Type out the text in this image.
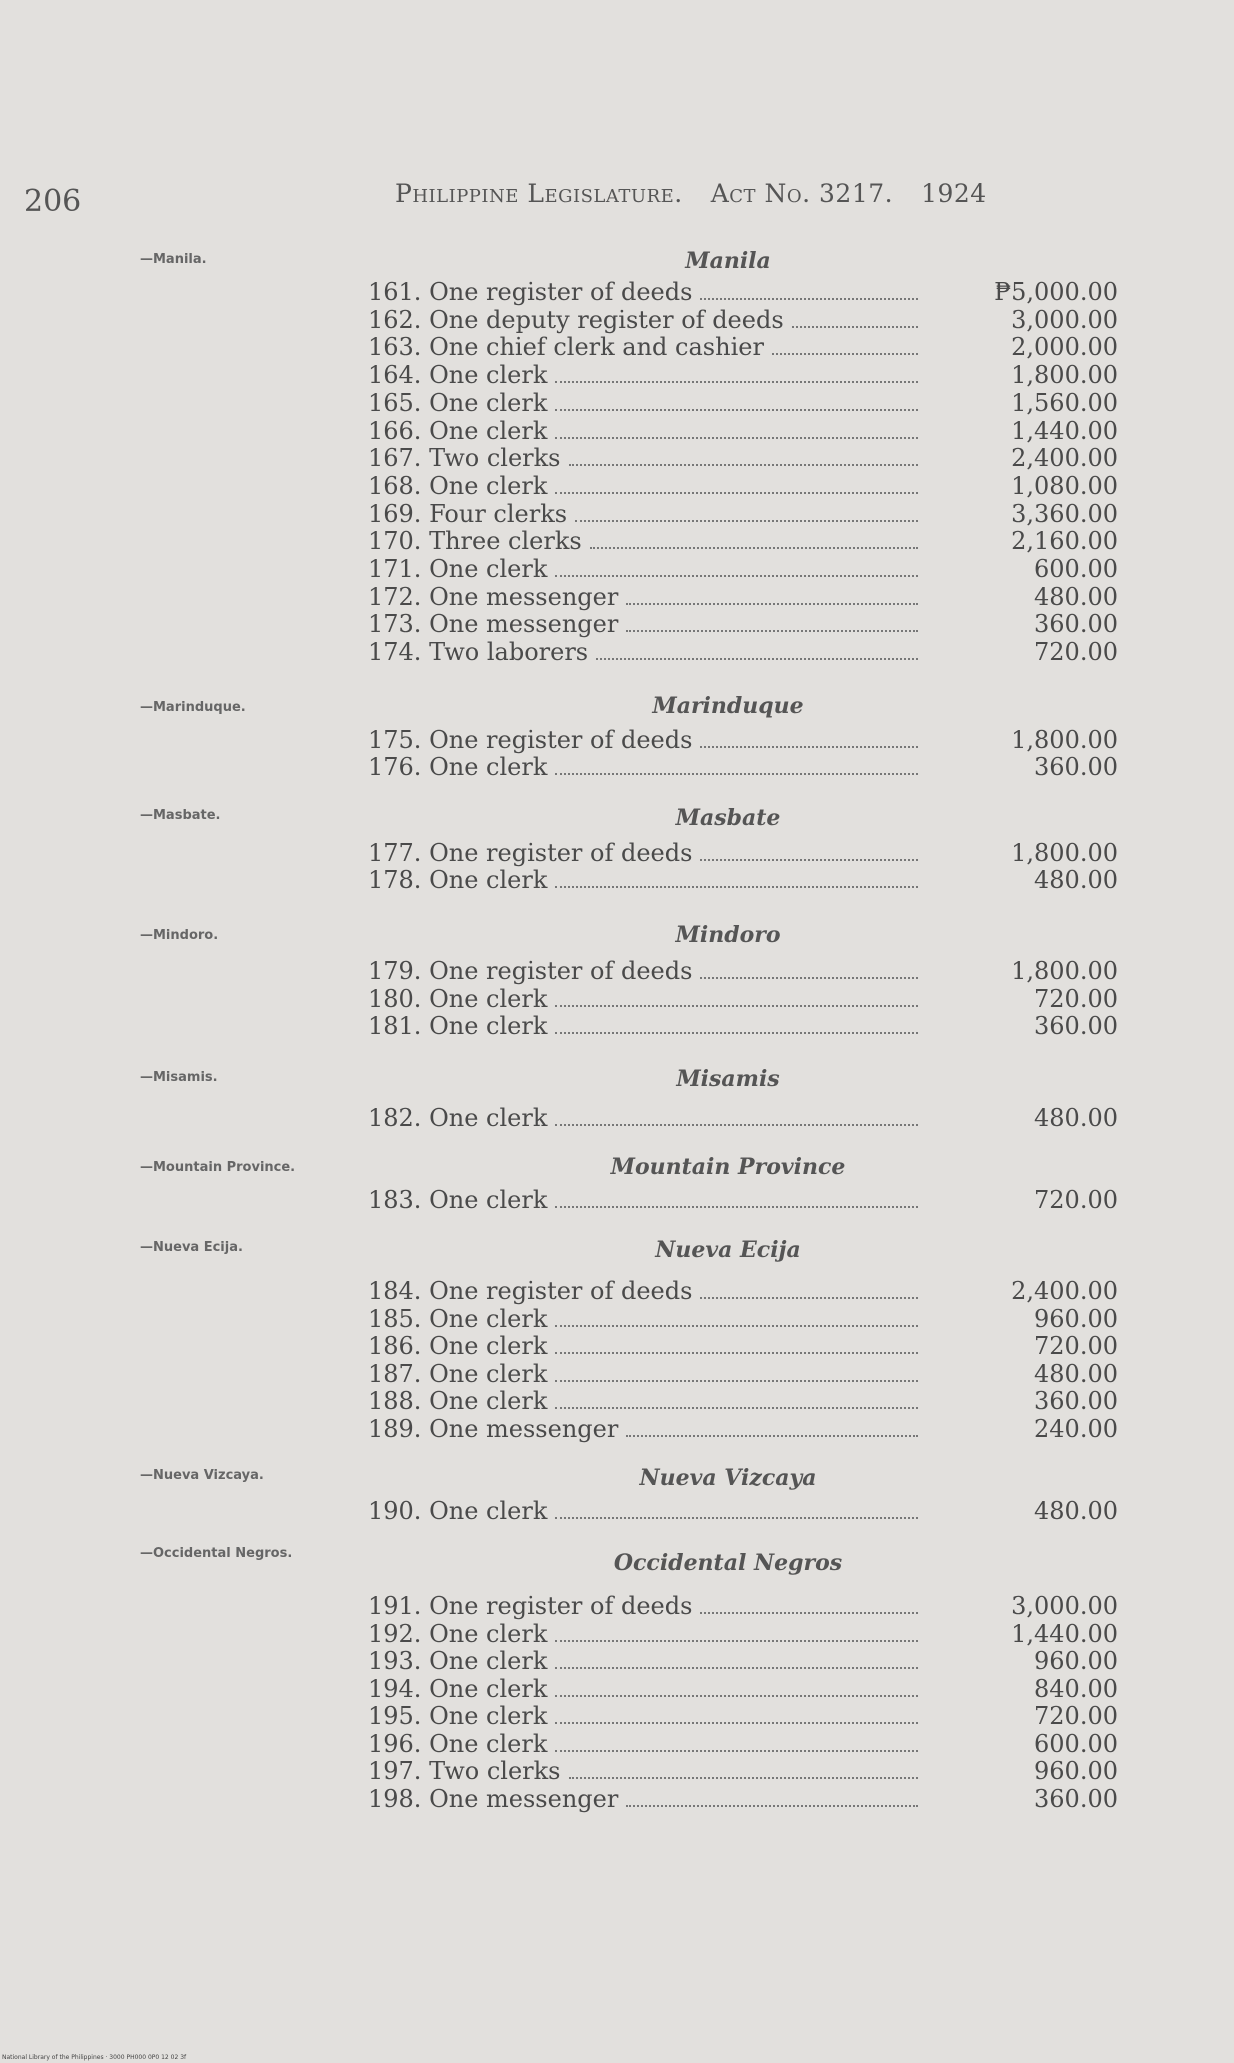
206	Philippine Legislature. Act No. 3217. 1924
—Manila.	Manila
161. One register of deeds	₱5,000.00
162. One deputy register of deeds	3,000.00
163. One chief clerk and cashier	2,000.00
164. One clerk	1,800.00
165. One clerk	1,560.00
166. One clerk	1,440.00
167. Two clerks	2,400.00
168. One clerk	1,080.00
169. Four clerks	3,360.00
170. Three clerks	2,160.00
171. One clerk	600.00
172. One messenger	480.00
173. One messenger	360.00
174. Two laborers	720.00
—Marinduque.	Marinduque
175. One register of deeds	1,800.00
176. One clerk	360.00
—Masbate.	Masbate
177. One register of deeds	1,800.00
178. One clerk	480.00
—Mindoro.	Mindoro
179. One register of deeds	1,800.00
180. One clerk	720.00
181. One clerk	360.00
—Misamis.	Misamis
182. One clerk	480.00
—Mountain Province.	Mountain Province
183. One clerk	720.00
—Nueva Ecija.	Nueva Ecija
184. One register of deeds	2,400.00
185. One clerk	960.00
186. One clerk	720.00
187. One clerk	480.00
188. One clerk	360.00
189. One messenger	240.00
—Nueva Vizcaya.	Nueva Vizcaya
190. One clerk	480.00
—Occidental Negros.	Occidental Negros
191. One register of deeds	3,000.00
192. One clerk	1,440.00
193. One clerk	960.00
194. One clerk	840.00
195. One clerk	720.00
196. One clerk	600.00
197. Two clerks	960.00
198. One messenger	360.00
National Library of the Philippines · 3000 PH000 0P0 12 02 3f
